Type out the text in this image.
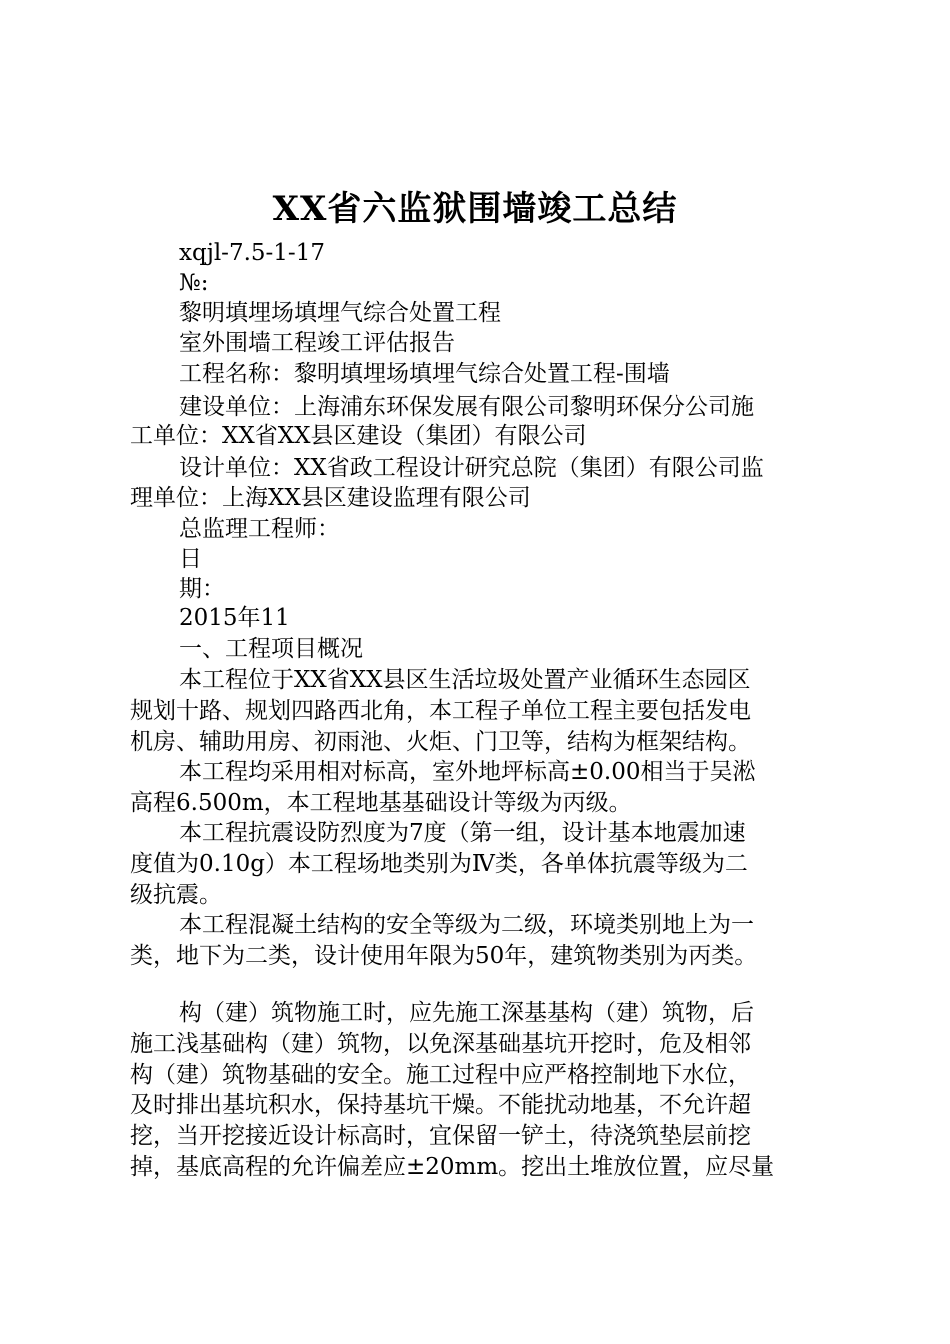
XX省六监狱围墙竣工总结
xqjl-7.5-1-17
№:
黎明填埋场填埋气综合处置工程
室外围墙工程竣工评估报告
工程名称：黎明填埋场填埋气综合处置工程-围墙
建设单位：上海浦东环保发展有限公司黎明环保分公司施
工单位：XX省XX县区建设（集团）有限公司
设计单位：XX省政工程设计研究总院（集团）有限公司监
理单位：上海XX县区建设监理有限公司
总监理工程师：
日
期：
2015年11
一、工程项目概况
本工程位于XX省XX县区生活垃圾处置产业循环生态园区
规划十路、规划四路西北角，本工程子单位工程主要包括发电
机房、辅助用房、初雨池、火炬、门卫等，结构为框架结构。
本工程均采用相对标高，室外地坪标高±0.00相当于吴淞
高程6.500m，本工程地基基础设计等级为丙级。
本工程抗震设防烈度为7度（第一组，设计基本地震加速
度值为0.10g）本工程场地类别为Ⅳ类，各单体抗震等级为二
级抗震。
本工程混凝土结构的安全等级为二级，环境类别地上为一
类，地下为二类，设计使用年限为50年，建筑物类别为丙类。
构（建）筑物施工时，应先施工深基基构（建）筑物，后
施工浅基础构（建）筑物，以免深基础基坑开挖时，危及相邻
构（建）筑物基础的安全。施工过程中应严格控制地下水位，
及时排出基坑积水，保持基坑干燥。不能扰动地基，不允许超
挖，当开挖接近设计标高时，宜保留一铲土，待浇筑垫层前挖
掉，基底高程的允许偏差应±20mm。挖出土堆放位置，应尽量
